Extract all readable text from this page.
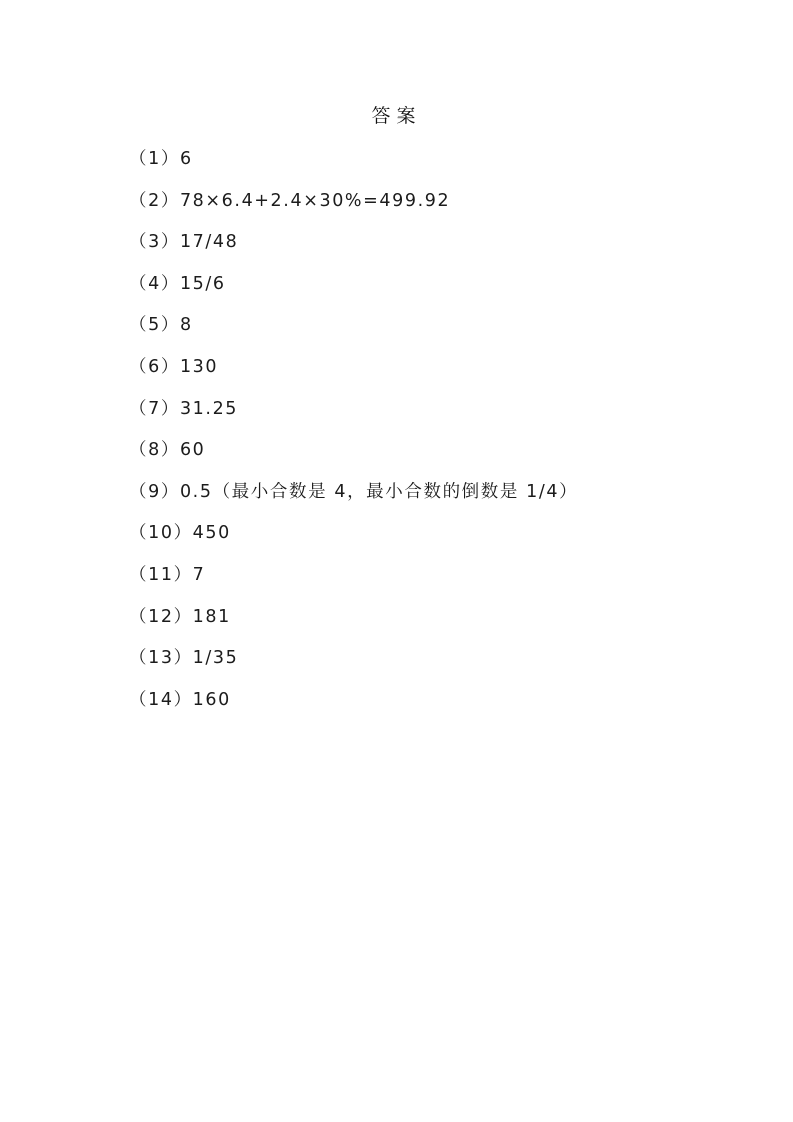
答案
（1）6
（2）78×6.4+2.4×30%=499.92
（3）17/48
（4）15/6
（5）8
（6）130
（7）31.25
（8）60
（9）0.5（最小合数是 4，最小合数的倒数是 1/4）
（10）450
（11）7
（12）181
（13）1/35
（14）160
